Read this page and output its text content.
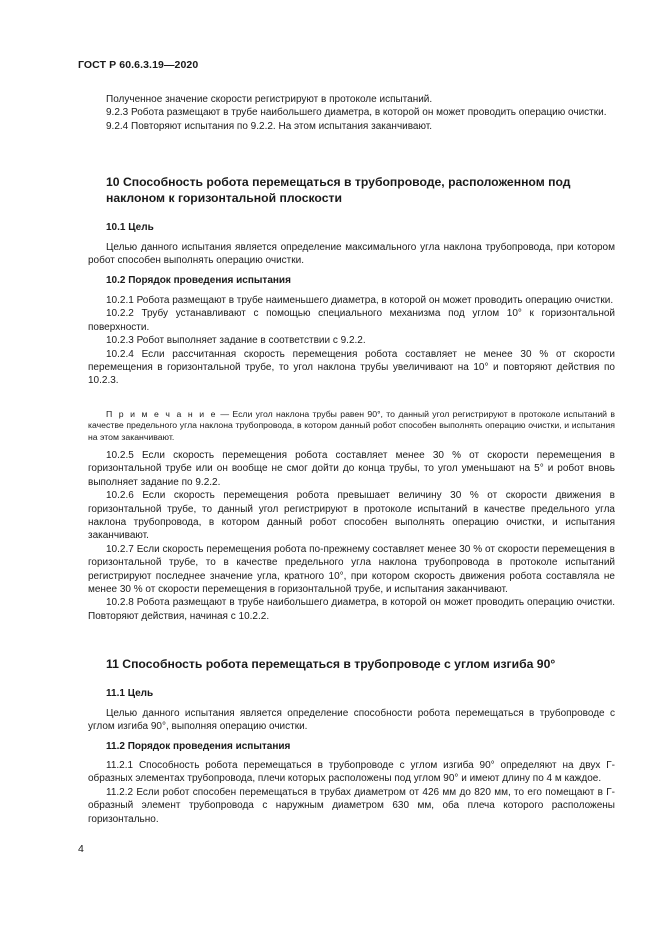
ГОСТ Р 60.6.3.19—2020

Полученное значение скорости регистрируют в протоколе испытаний.

9.2.3 Робота размещают в трубе наибольшего диаметра, в которой он может проводить операцию очистки.

9.2.4 Повторяют испытания по 9.2.2. На этом испытания заканчивают.

10 Способность робота перемещаться в трубопроводе, расположенном под наклоном к горизонтальной плоскости
10.1 Цель

Целью данного испытания является определение максимального угла наклона трубопровода, при котором робот способен выполнять операцию очистки.

10.2 Порядок проведения испытания

10.2.1 Робота размещают в трубе наименьшего диаметра, в которой он может проводить операцию очистки.

10.2.2 Трубу устанавливают с помощью специального механизма под углом 10° к горизонтальной поверхности.

10.2.3 Робот выполняет задание в соответствии с 9.2.2.

10.2.4 Если рассчитанная скорость перемещения робота составляет не менее 30 % от скорости перемещения в горизонтальной трубе, то угол наклона трубы увеличивают на 10° и повторяют действия по 10.2.3.

П р и м е ч а н и е — Если угол наклона трубы равен 90°, то данный угол регистрируют в протоколе испытаний в качестве предельного угла наклона трубопровода, в котором данный робот способен выполнять операцию очистки, и испытания на этом заканчивают.

10.2.5 Если скорость перемещения робота составляет менее 30 % от скорости перемещения в горизонтальной трубе или он вообще не смог дойти до конца трубы, то угол уменьшают на 5° и робот вновь выполняет задание по 9.2.2.

10.2.6 Если скорость перемещения робота превышает величину 30 % от скорости движения в горизонтальной трубе, то данный угол регистрируют в протоколе испытаний в качестве предельного угла наклона трубопровода, в котором данный робот способен выполнять операцию очистки, и испытания заканчивают.

10.2.7 Если скорость перемещения робота по-прежнему составляет менее 30 % от скорости перемещения в горизонтальной трубе, то в качестве предельного угла наклона трубопровода в протоколе испытаний регистрируют последнее значение угла, кратного 10°, при котором скорость движения робота составляла не менее 30 % от скорости перемещения в горизонтальной трубе, и испытания заканчивают.

10.2.8 Робота размещают в трубе наибольшего диаметра, в которой он может проводить операцию очистки. Повторяют действия, начиная с 10.2.2.

11 Способность робота перемещаться в трубопроводе с углом изгиба 90°
11.1 Цель

Целью данного испытания является определение способности робота перемещаться в трубопроводе с углом изгиба 90°, выполняя операцию очистки.

11.2 Порядок проведения испытания

11.2.1 Способность робота перемещаться в трубопроводе с углом изгиба 90° определяют на двух Г-образных элементах трубопровода, плечи которых расположены под углом 90° и имеют длину по 4 м каждое.

11.2.2 Если робот способен перемещаться в трубах диаметром от 426 мм до 820 мм, то его помещают в Г-образный элемент трубопровода с наружным диаметром 630 мм, оба плеча которого расположены горизонтально.

4
